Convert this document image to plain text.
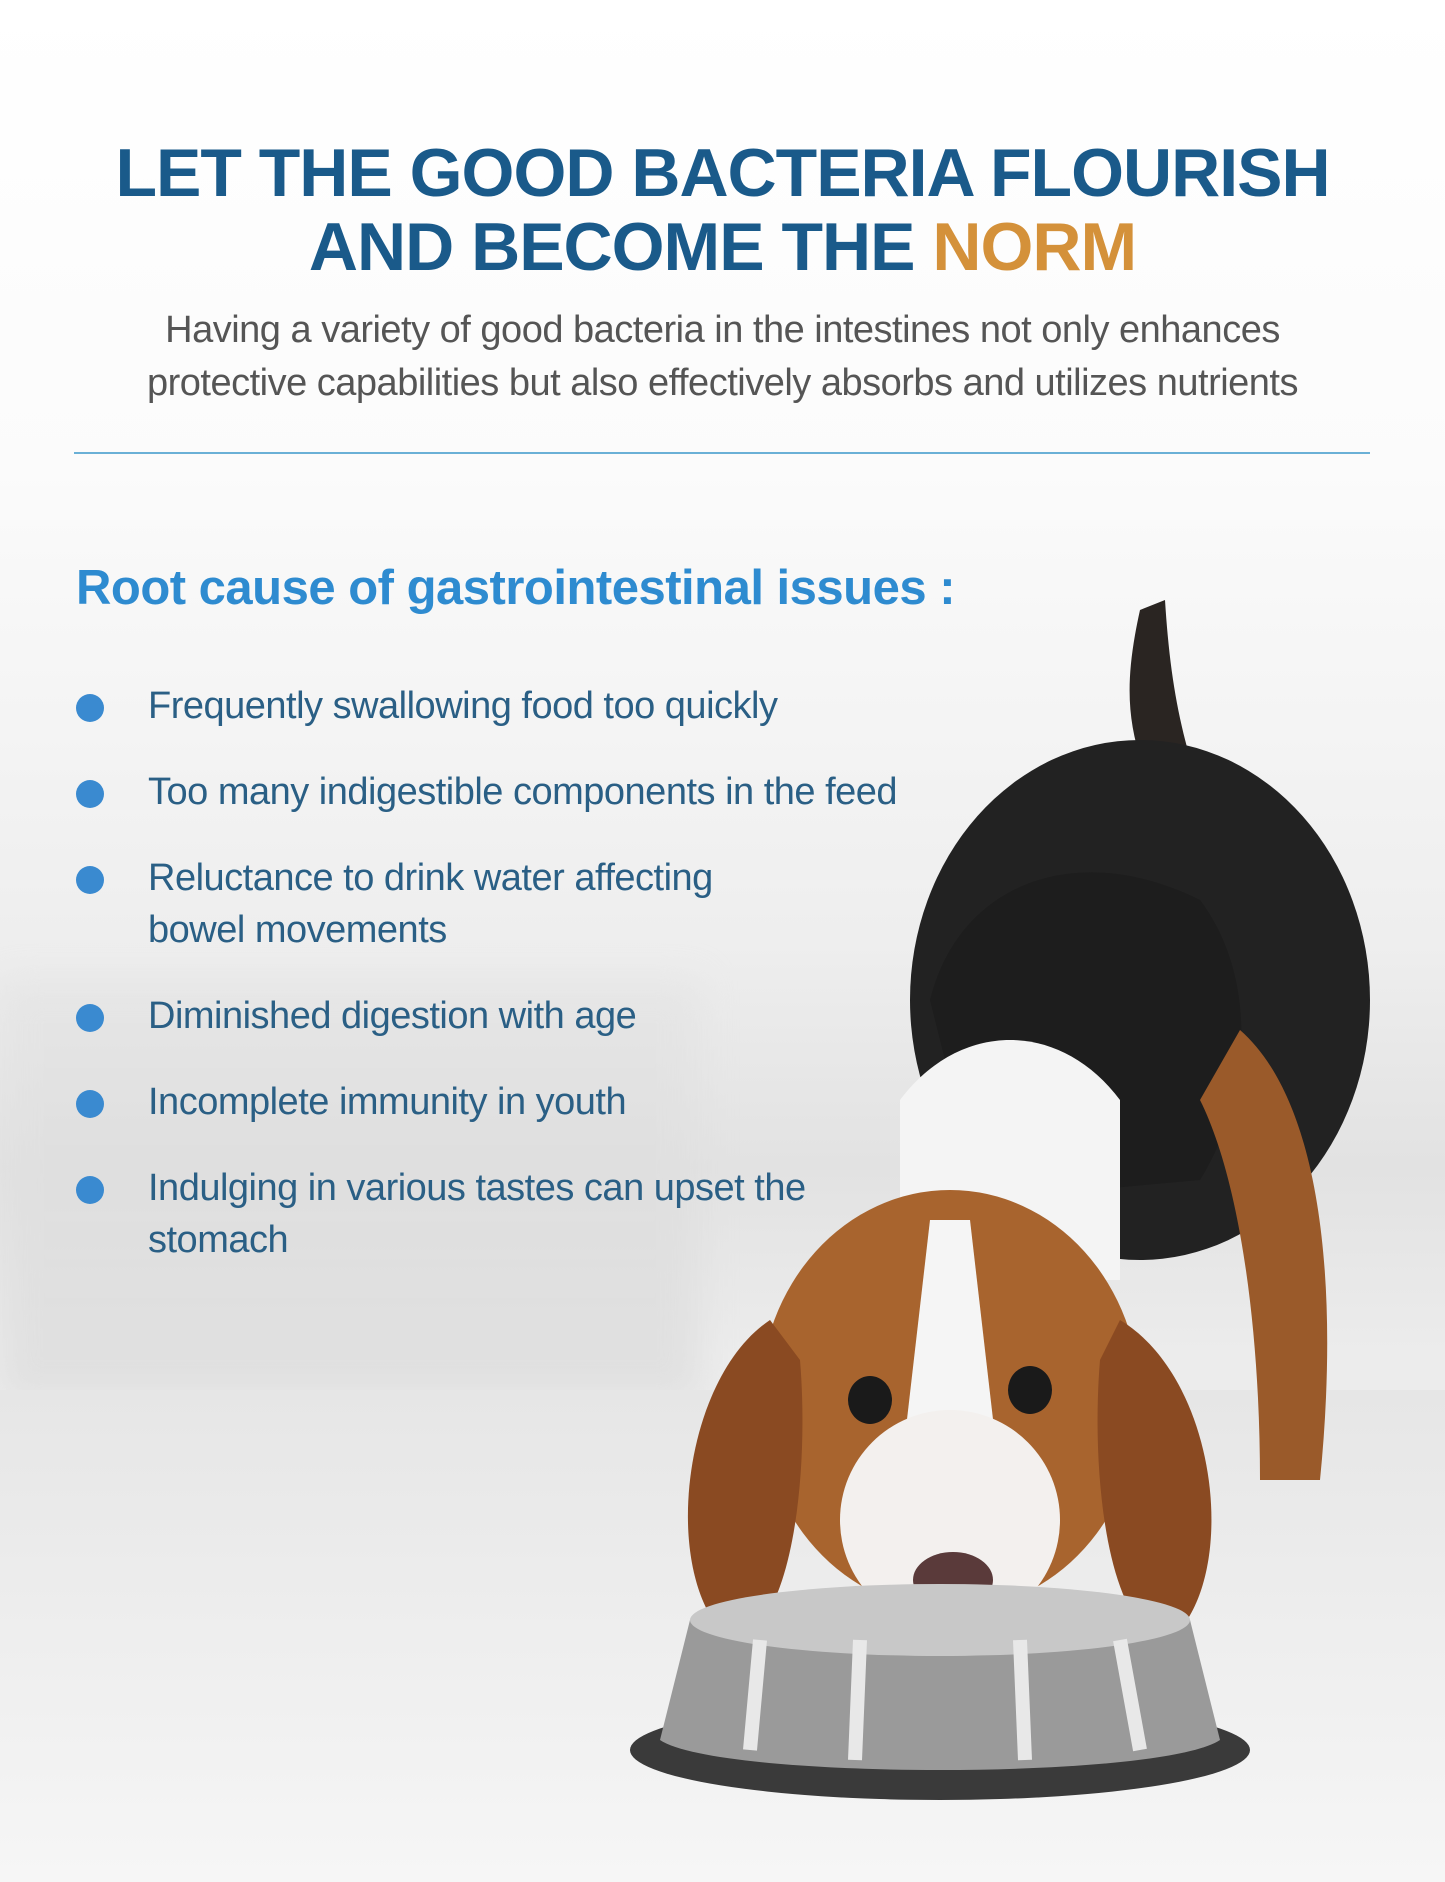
LET THE GOOD BACTERIA FLOURISH
AND BECOME THE NORM

Having a variety of good bacteria in the intestines not only enhances
protective capabilities but also effectively absorbs and utilizes nutrients

Root cause of gastrointestinal issues :
Frequently swallowing food too quickly
Too many indigestible components in the feed
Reluctance to drink water affecting bowel movements
Diminished digestion with age
Incomplete immunity in youth
Indulging in various tastes can upset the stomach
